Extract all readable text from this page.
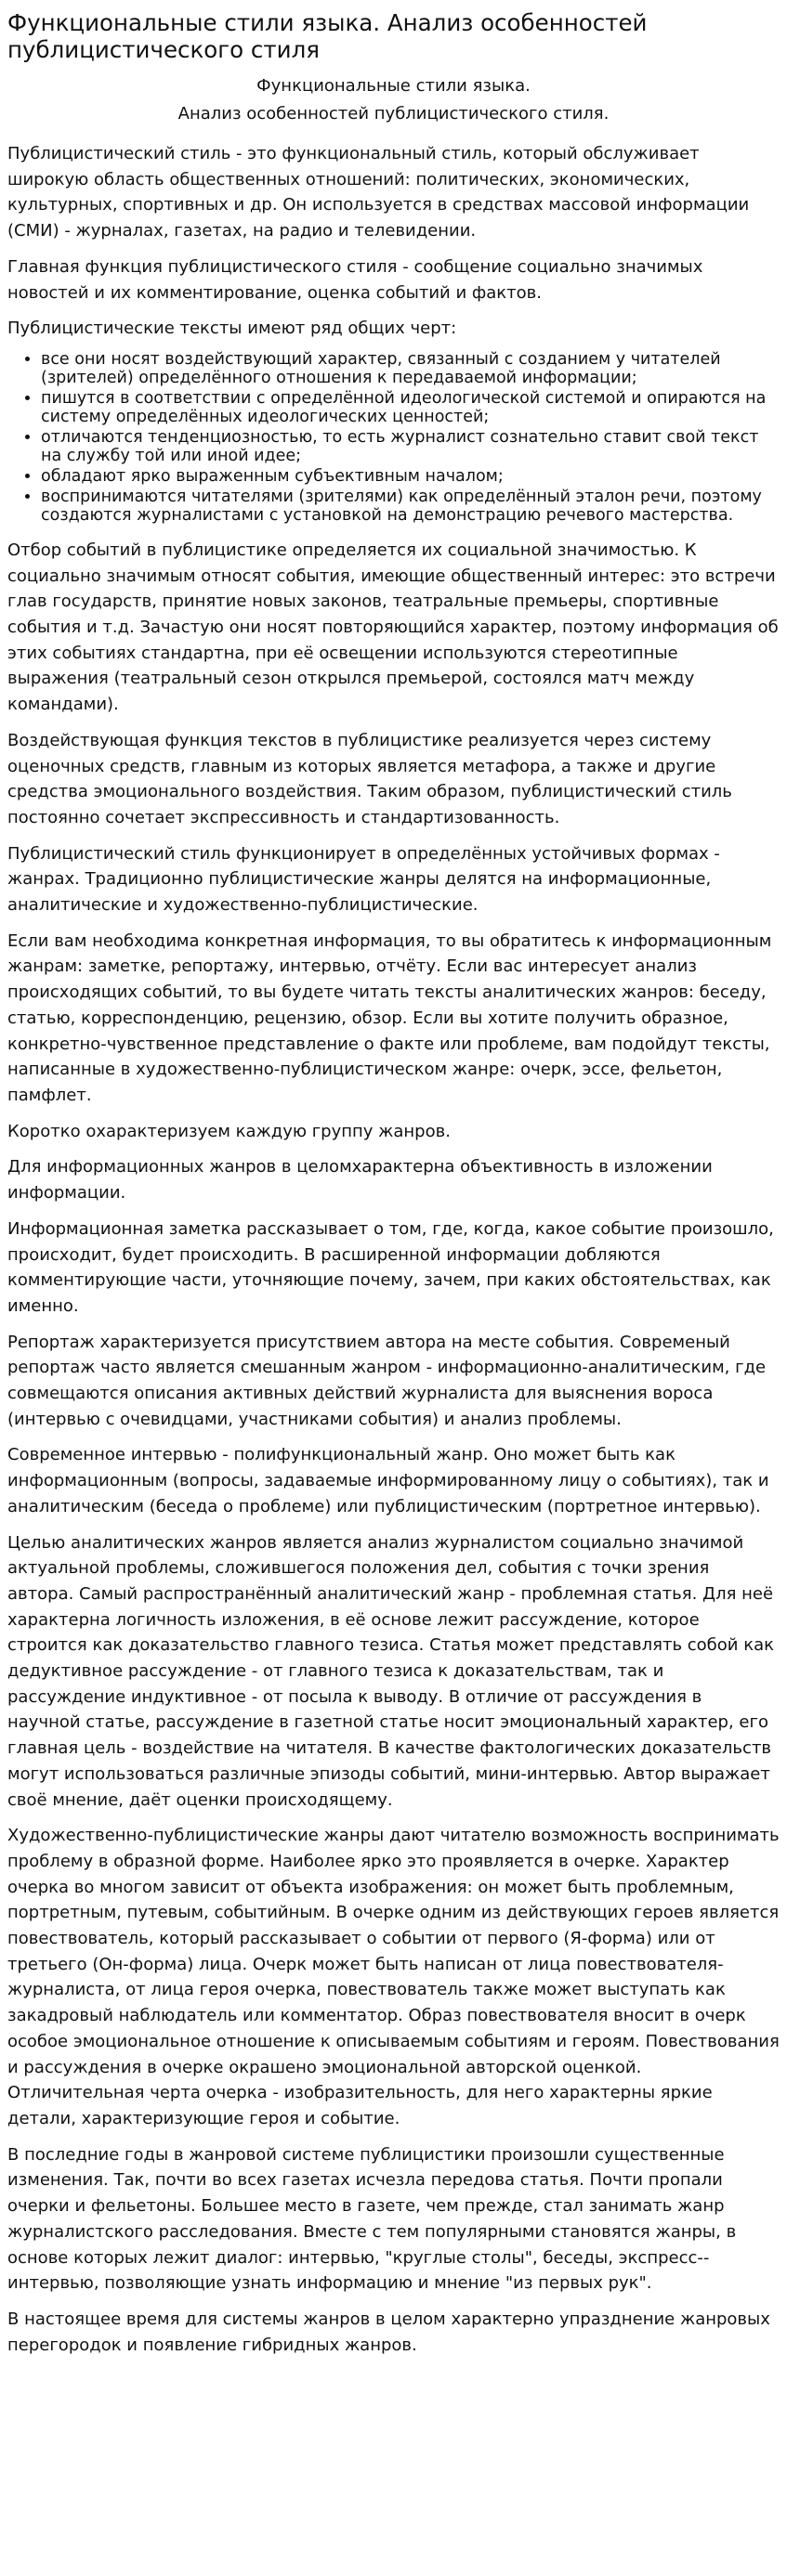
Функциональные стили языка. Анализ особенностей публицистического стиля
Функциональные стили языка.
Анализ особенностей публицистического стиля.

Публицистический стиль - это функциональный стиль, который обслуживает широкую область общественных отношений: политических, экономических, культурных, спортивных и др. Он используется в средствах массовой информации (СМИ) - журналах, газетах, на радио и телевидении.

Главная функция публицистического стиля - сообщение социально значимых новостей и их комментирование, оценка событий и фактов.

Публицистические тексты имеют ряд общих черт:

• все они носят воздействующий характер, связанный с созданием у читателей (зрителей) определённого отношения к передаваемой информации;
• пишутся в соответствии с определённой идеологической системой и опираются на систему определённых идеологических ценностей;
• отличаются тенденциозностью, то есть журналист сознательно ставит свой текст на службу той или иной идее;
• обладают ярко выраженным субъективным началом;
• воспринимаются читателями (зрителями) как определённый эталон речи, поэтому создаются журналистами с установкой на демонстрацию речевого мастерства.

Отбор событий в публицистике определяется их социальной значимостью. К социально значимым относят события, имеющие общественный интерес: это встречи глав государств, принятие новых законов, театральные премьеры, спортивные события и т.д. Зачастую они носят повторяющийся характер, поэтому информация об этих событиях стандартна, при её освещении используются стереотипные выражения (театральный сезон открылся премьерой, состоялся матч между командами).

Воздействующая функция текстов в публицистике реализуется через систему оценочных средств, главным из которых является метафора, а также и другие средства эмоционального воздействия. Таким образом, публицистический стиль постоянно сочетает экспрессивность и стандартизованность.

Публицистический стиль функционирует в определённых устойчивых формах - жанрах. Традиционно публицистические жанры делятся на информационные, аналитические и художественно-публицистические.

Если вам необходима конкретная информация, то вы обратитесь к информационным жанрам: заметке, репортажу, интервью, отчёту. Если вас интересует анализ происходящих событий, то вы будете читать тексты аналитических жанров: беседу, статью, корреспонденцию, рецензию, обзор. Если вы хотите получить образное, конкретно-чувственное представление о факте или проблеме, вам подойдут тексты, написанные в художественно-публицистическом жанре: очерк, эссе, фельетон, памфлет.

Коротко охарактеризуем каждую группу жанров.

Для информационных жанров в целомхарактерна объективность в изложении информации.

Информационная заметка рассказывает о том, где, когда, какое событие произошло, происходит, будет происходить. В расширенной информации добляются комментирующие части, уточняющие почему, зачем, при каких обстоятельствах, как именно.

Репортаж характеризуется присутствием автора на месте события. Современый репортаж часто является смешанным жанром - информационно-аналитическим, где совмещаются описания активных действий журналиста для выяснения вороса (интервью с очевидцами, участниками события) и анализ проблемы.

Современное интервью - полифункциональный жанр. Оно может быть как информационным (вопросы, задаваемые информированному лицу о событиях), так и аналитическим (беседа о проблеме) или публицистическим (портретное интервью).

Целью аналитических жанров является анализ журналистом социально значимой актуальной проблемы, сложившегося положения дел, события с точки зрения автора. Самый распространённый аналитический жанр - проблемная статья. Для неё характерна логичность изложения, в её основе лежит рассуждение, которое строится как доказательство главного тезиса. Статья может представлять собой как дедуктивное рассуждение - от главного тезиса к доказательствам, так и рассуждение индуктивное - от посыла к выводу. В отличие от рассуждения в научной статье, рассуждение в газетной статье носит эмоциональный характер, его главная цель - воздействие на читателя. В качестве фактологических доказательств могут использоваться различные эпизоды событий, мини-интервью. Автор выражает своё мнение, даёт оценки происходящему.

Художественно-публицистические жанры дают читателю возможность воспринимать проблему в образной форме. Наиболее ярко это проявляется в очерке. Характер очерка во многом зависит от объекта изображения: он может быть проблемным, портретным, путевым, событийным. В очерке одним из действующих героев является повествователь, который рассказывает о событии от первого (Я-форма) или от третьего (Он-форма) лица. Очерк может быть написан от лица повествователя-журналиста, от лица героя очерка, повествователь также может выступать как закадровый наблюдатель или комментатор. Образ повествователя вносит в очерк особое эмоциональное отношение к описываемым событиям и героям. Повествования и рассуждения в очерке окрашено эмоциональной авторской оценкой. Отличительная черта очерка - изобразительность, для него характерны яркие детали, характеризующие героя и событие.

В последние годы в жанровой системе публицистики произошли существенные изменения. Так, почти во всех газетах исчезла передова статья. Почти пропали очерки и фельетоны. Большее место в газете, чем прежде, стал занимать жанр журналистского расследования. Вместе с тем популярными становятся жанры, в основе которых лежит диалог: интервью, "круглые столы", беседы, экспресс--интервью, позволяющие узнать информацию и мнение "из первых рук".

В настоящее время для системы жанров в целом характерно упразднение жанровых перегородок и появление гибридных жанров.
